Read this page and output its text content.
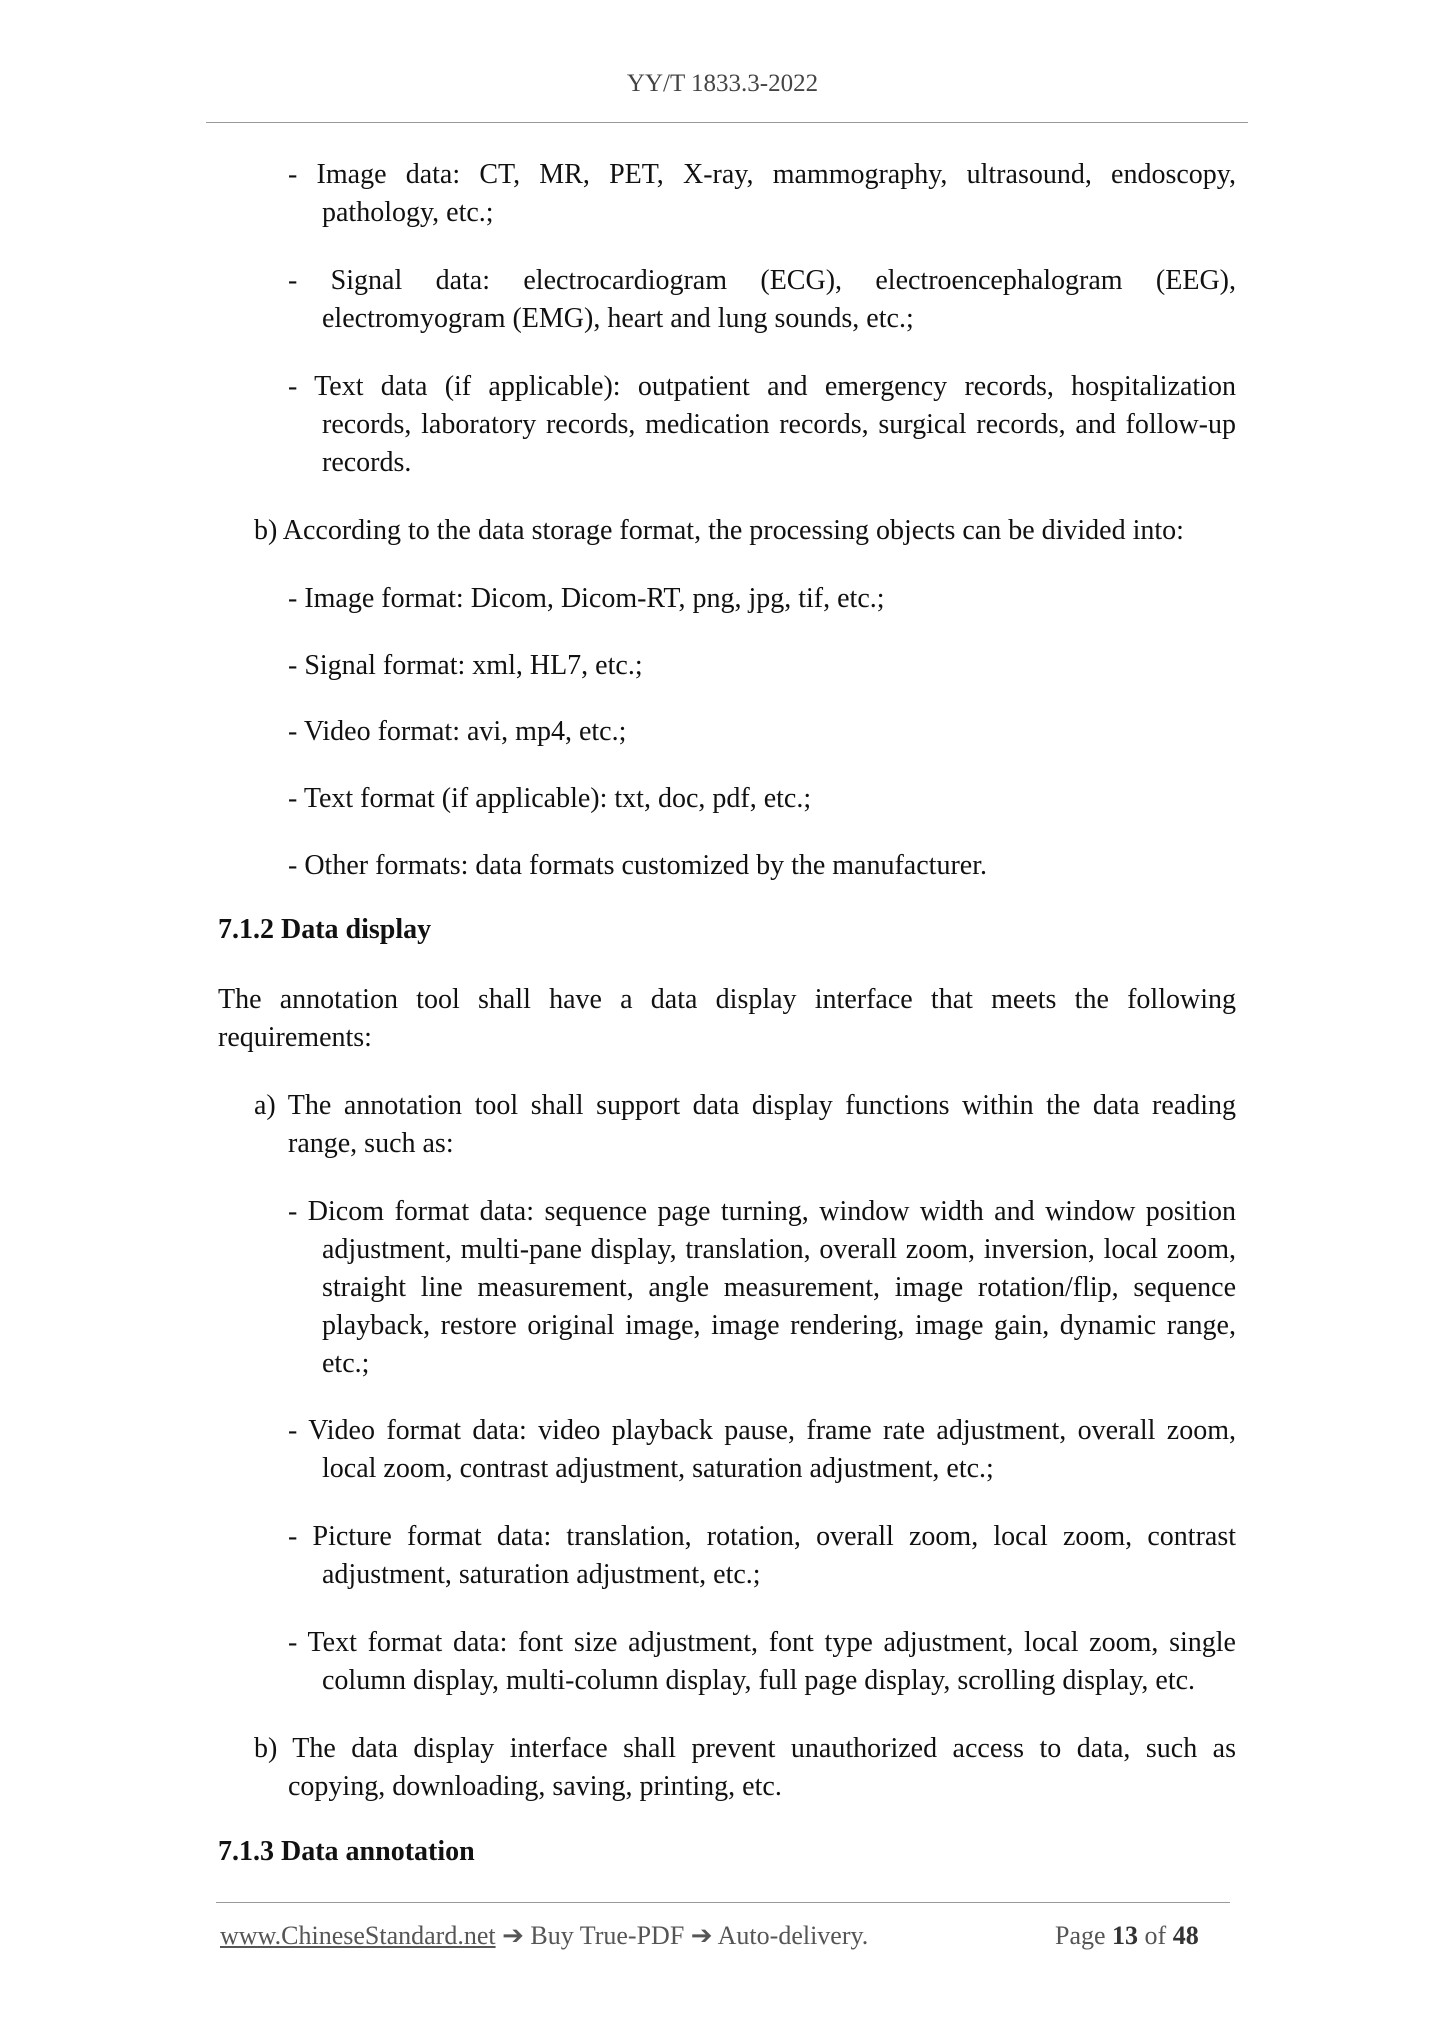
YY/T 1833.3-2022

- Image data: CT, MR, PET, X-ray, mammography, ultrasound, endoscopy, pathology, etc.;

- Signal data: electrocardiogram (ECG), electroencephalogram (EEG), electromyogram (EMG), heart and lung sounds, etc.;

- Text data (if applicable): outpatient and emergency records, hospitalization records, laboratory records, medication records, surgical records, and follow-up records.

b) According to the data storage format, the processing objects can be divided into:

- Image format: Dicom, Dicom-RT, png, jpg, tif, etc.;

- Signal format: xml, HL7, etc.;

- Video format: avi, mp4, etc.;

- Text format (if applicable): txt, doc, pdf, etc.;

- Other formats: data formats customized by the manufacturer.

7.1.2 Data display

The annotation tool shall have a data display interface that meets the following requirements:

a) The annotation tool shall support data display functions within the data reading range, such as:

- Dicom format data: sequence page turning, window width and window position adjustment, multi-pane display, translation, overall zoom, inversion, local zoom, straight line measurement, angle measurement, image rotation/flip, sequence playback, restore original image, image rendering, image gain, dynamic range, etc.;

- Video format data: video playback pause, frame rate adjustment, overall zoom, local zoom, contrast adjustment, saturation adjustment, etc.;

- Picture format data: translation, rotation, overall zoom, local zoom, contrast adjustment, saturation adjustment, etc.;

- Text format data: font size adjustment, font type adjustment, local zoom, single column display, multi-column display, full page display, scrolling display, etc.

b) The data display interface shall prevent unauthorized access to data, such as copying, downloading, saving, printing, etc.

7.1.3 Data annotation

www.ChineseStandard.net ➔ Buy True-PDF ➔ Auto-delivery.	Page 13 of 48
